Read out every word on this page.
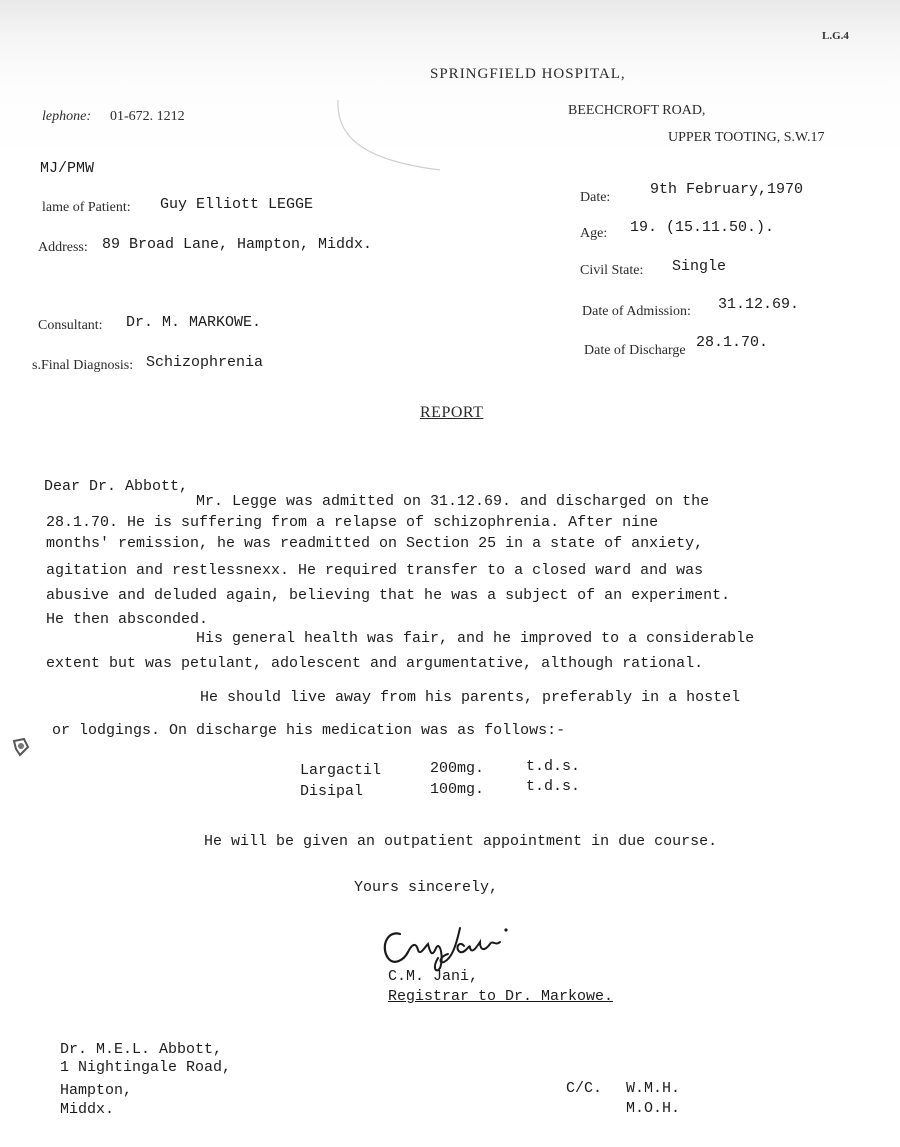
L.G.4
SPRINGFIELD HOSPITAL,
BEECHCROFT ROAD,
UPPER TOOTING, S.W.17
lephone: 01-672. 1212
MJ/PMW
lame of Patient: Guy Elliott LEGGE
Address: 89 Broad Lane, Hampton, Middx.
Consultant: Dr. M. MARKOWE.
s.Final Diagnosis: Schizophrenia
Date:	9th February,1970
Age: 19. (15.11.50.).
Civil State: Single
Date of Admission: 31.12.69.
Date of Discharge 28.1.70.
REPORT
Dear Dr. Abbott,
Mr. Legge was admitted on 31.12.69. and discharged on the
28.1.70. He is suffering from a relapse of schizophrenia. After nine
months' remission, he was readmitted on Section 25 in a state of anxiety,
agitation and restlessnexx. He required transfer to a closed ward and was
abusive and deluded again, believing that he was a subject of an experiment.
He then absconded.
His general health was fair, and he improved to a considerable
extent but was petulant, adolescent and argumentative, although rational.
He should live away from his parents, preferably in a hostel
or lodgings. On discharge his medication was as follows:-
Largactil	200mg.	t.d.s.
Disipal	100mg.	t.d.s.
He will be given an outpatient appointment in due course.
Yours sincerely,
C.M. Jani,
Registrar to Dr. Markowe.
Dr. M.E.L. Abbott,
1 Nightingale Road,
Hampton,
Middx.
C/C. W.M.H.
M.O.H.
